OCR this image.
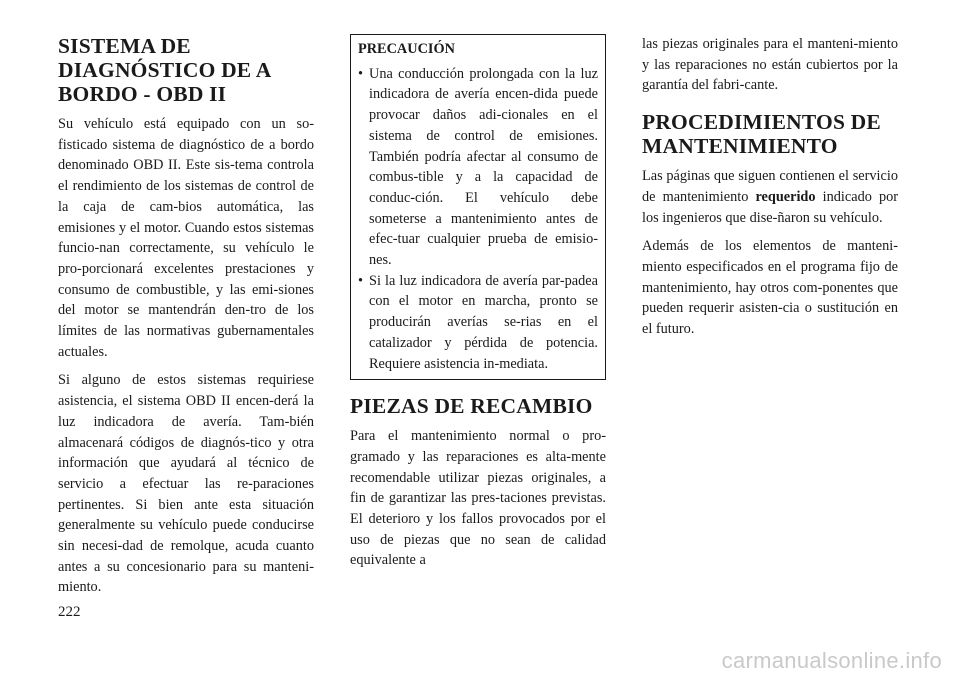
SISTEMA DE
DIAGNÓSTICO DE A
BORDO - OBD II

Su vehículo está equipado con un so-fisticado sistema de diagnóstico de a bordo denominado OBD II. Este sis-tema controla el rendimiento de los sistemas de control de la caja de cam-bios automática, las emisiones y el motor. Cuando estos sistemas funcio-nan correctamente, su vehículo le pro-porcionará excelentes prestaciones y consumo de combustible, y las emi-siones del motor se mantendrán den-tro de los límites de las normativas gubernamentales actuales.

Si alguno de estos sistemas requiriese asistencia, el sistema OBD II encen-derá la luz indicadora de avería. Tam-bién almacenará códigos de diagnós-tico y otra información que ayudará al técnico de servicio a efectuar las re-paraciones pertinentes. Si bien ante esta situación generalmente su vehículo puede conducirse sin necesi-dad de remolque, acuda cuanto antes a su concesionario para su manteni-miento.

PRECAUCIÓN

• Una conducción prolongada con la luz indicadora de avería encen-dida puede provocar daños adi-cionales en el sistema de control de emisiones. También podría afectar al consumo de combus-tible y a la capacidad de conduc-ción. El vehículo debe someterse a mantenimiento antes de efec-tuar cualquier prueba de emisio-nes.
• Si la luz indicadora de avería par-padea con el motor en marcha, pronto se producirán averías se-rias en el catalizador y pérdida de potencia. Requiere asistencia in-mediata.
PIEZAS DE RECAMBIO

Para el mantenimiento normal o pro-gramado y las reparaciones es alta-mente recomendable utilizar piezas originales, a fin de garantizar las pres-taciones previstas. El deterioro y los fallos provocados por el uso de piezas que no sean de calidad equivalente a

las piezas originales para el manteni-miento y las reparaciones no están cubiertos por la garantía del fabri-cante.

PROCEDIMIENTOS DE
MANTENIMIENTO

Las páginas que siguen contienen el servicio de mantenimiento requerido indicado por los ingenieros que dise-ñaron su vehículo.

Además de los elementos de manteni-miento especificados en el programa fijo de mantenimiento, hay otros com-ponentes que pueden requerir asisten-cia o sustitución en el futuro.

222
carmanualsonline.info
